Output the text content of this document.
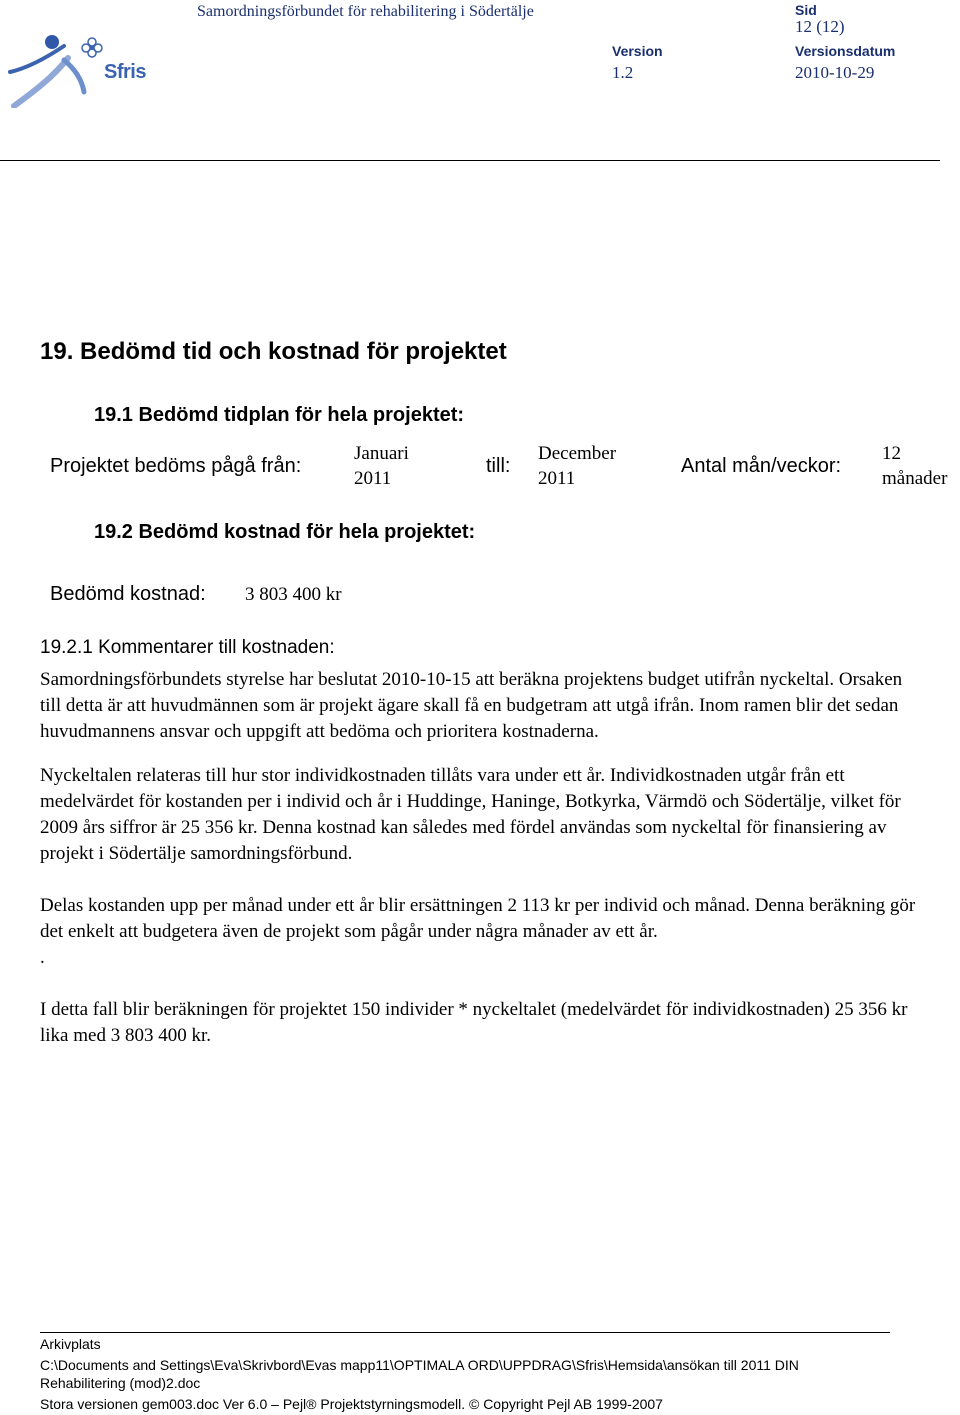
Sfris
Samordningsförbundet för rehabilitering i Södertälje	Sid
12 (12)
Version
1.2
Versionsdatum
2010-10-29
19. Bedömd tid och kostnad för projektet
19.1 Bedömd tidplan för hela projektet:
Projektet bedöms pågå från:
Januari
2011
till:
December
2011
Antal mån/veckor:
12
månader
19.2 Bedömd kostnad för hela projektet:
Bedömd kostnad: 3 803 400 kr
19.2.1 Kommentarer till kostnaden:

Samordningsförbundets styrelse har beslutat 2010-10-15 att beräkna projektens budget utifrån nyckeltal. Orsaken till detta är att huvudmännen som är projekt ägare skall få en budgetram att utgå ifrån. Inom ramen blir det sedan huvudmannens ansvar och uppgift att bedöma och prioritera kostnaderna.

Nyckeltalen relateras till hur stor individkostnaden tillåts vara under ett år. Individkostnaden utgår från ett medelvärdet för kostanden per i individ och år i Huddinge, Haninge, Botkyrka, Värmdö och Södertälje, vilket för 2009 års siffror är 25 356 kr. Denna kostnad kan således med fördel användas som nyckeltal för finansiering av projekt i Södertälje samordningsförbund.

Delas kostanden upp per månad under ett år blir ersättningen 2 113 kr per individ och månad. Denna beräkning gör det enkelt att budgetera även de projekt som pågår under några månader av ett år.

.

I detta fall blir beräkningen för projektet 150 individer * nyckeltalet (medelvärdet för individkostnaden) 25 356 kr lika med 3 803 400 kr.

Arkivplats
C:\Documents and Settings\Eva\Skrivbord\Evas mapp11\OPTIMALA ORD\UPPDRAG\Sfris\Hemsida\ansökan till 2011 DIN
Rehabilitering (mod)2.doc
Stora versionen gem003.doc Ver 6.0 – Pejl® Projektstyrningsmodell. © Copyright Pejl AB 1999-2007
